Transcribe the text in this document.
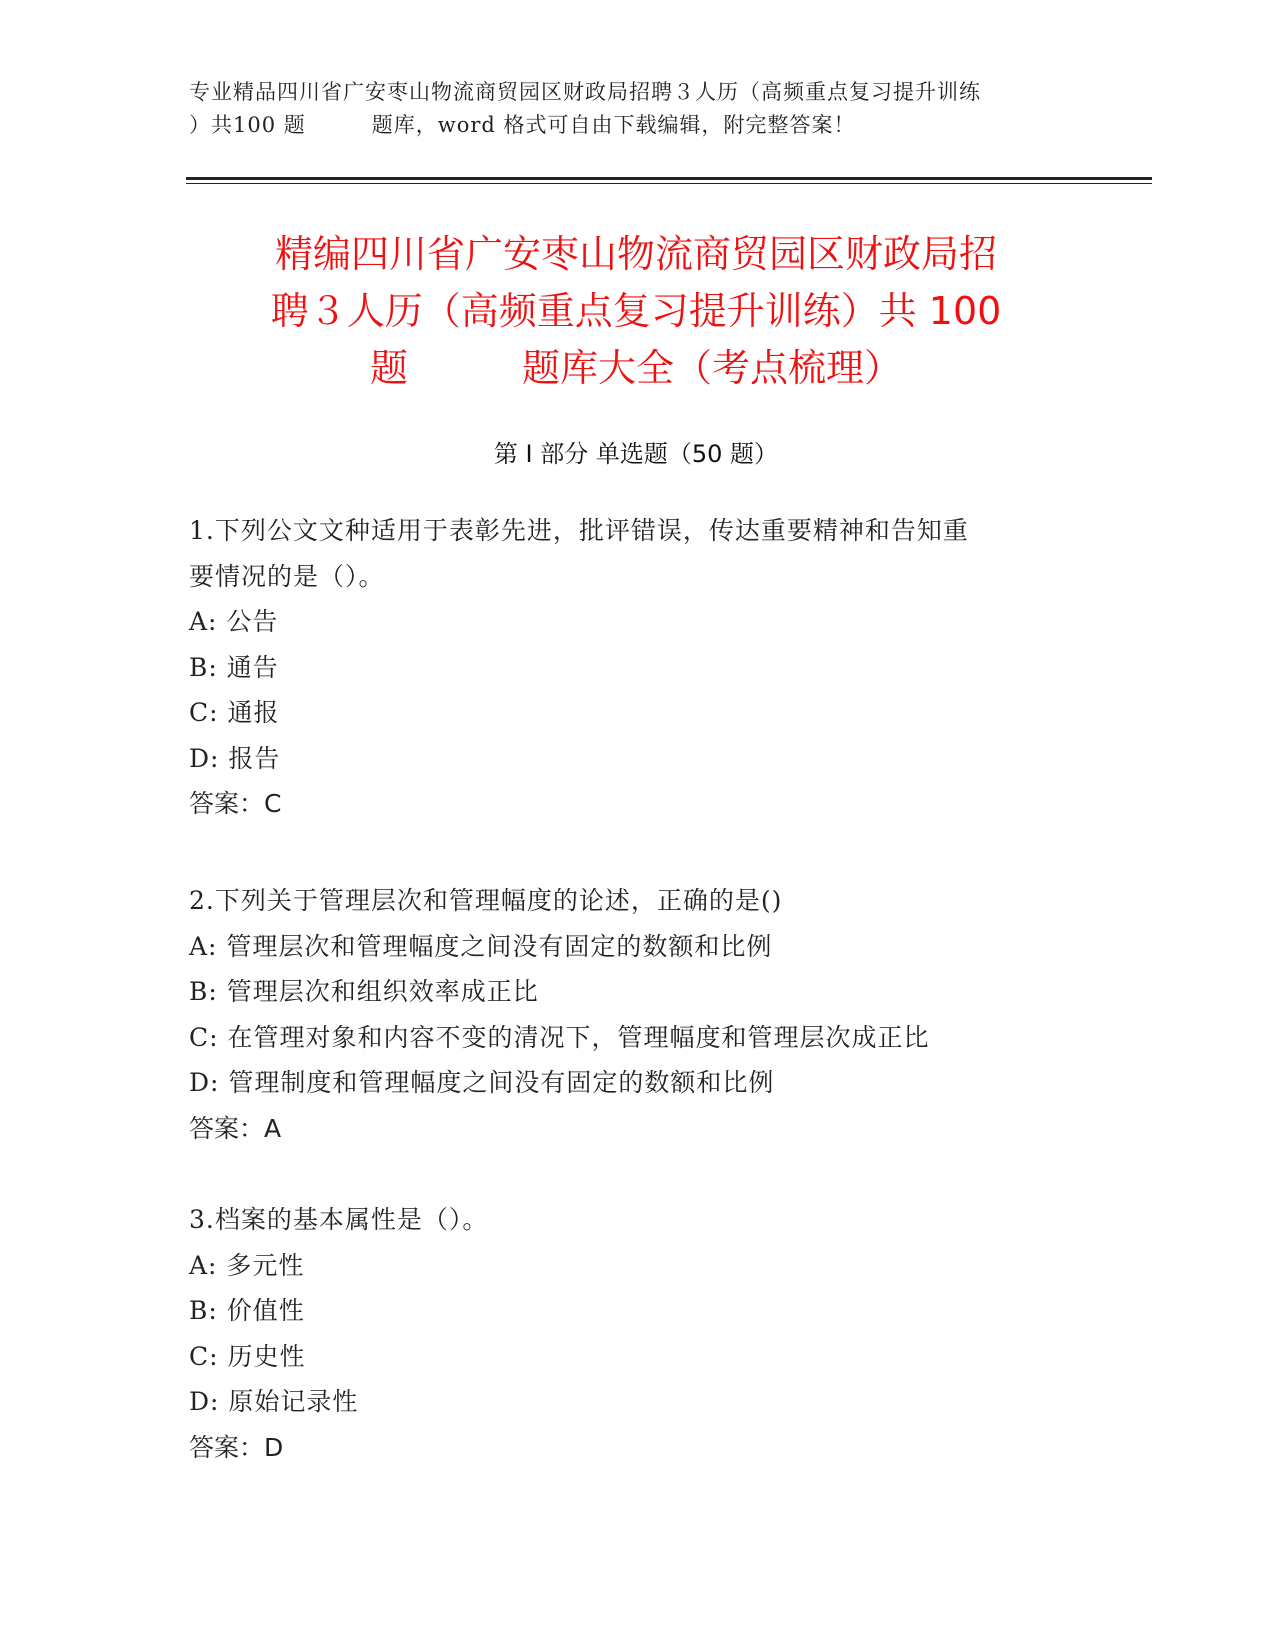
专业精品四川省广安枣山物流商贸园区财政局招聘３人历（高频重点复习提升训练
）共100 题　　　题库，word 格式可自由下载编辑，附完整答案！
精编四川省广安枣山物流商贸园区财政局招
聘３人历（高频重点复习提升训练）共 100
题　　　题库大全（考点梳理）
第 I 部分 单选题（50 题）
1.下列公文文种适用于表彰先进，批评错误，传达重要精神和告知重
要情况的是（）。
A: 公告
B: 通告
C: 通报
D: 报告
答案：C
2.下列关于管理层次和管理幅度的论述，正确的是()
A: 管理层次和管理幅度之间没有固定的数额和比例
B: 管理层次和组织效率成正比
C: 在管理对象和内容不变的清况下，管理幅度和管理层次成正比
D: 管理制度和管理幅度之间没有固定的数额和比例
答案：A
3.档案的基本属性是（）。
A: 多元性
B: 价值性
C: 历史性
D: 原始记录性
答案：D
